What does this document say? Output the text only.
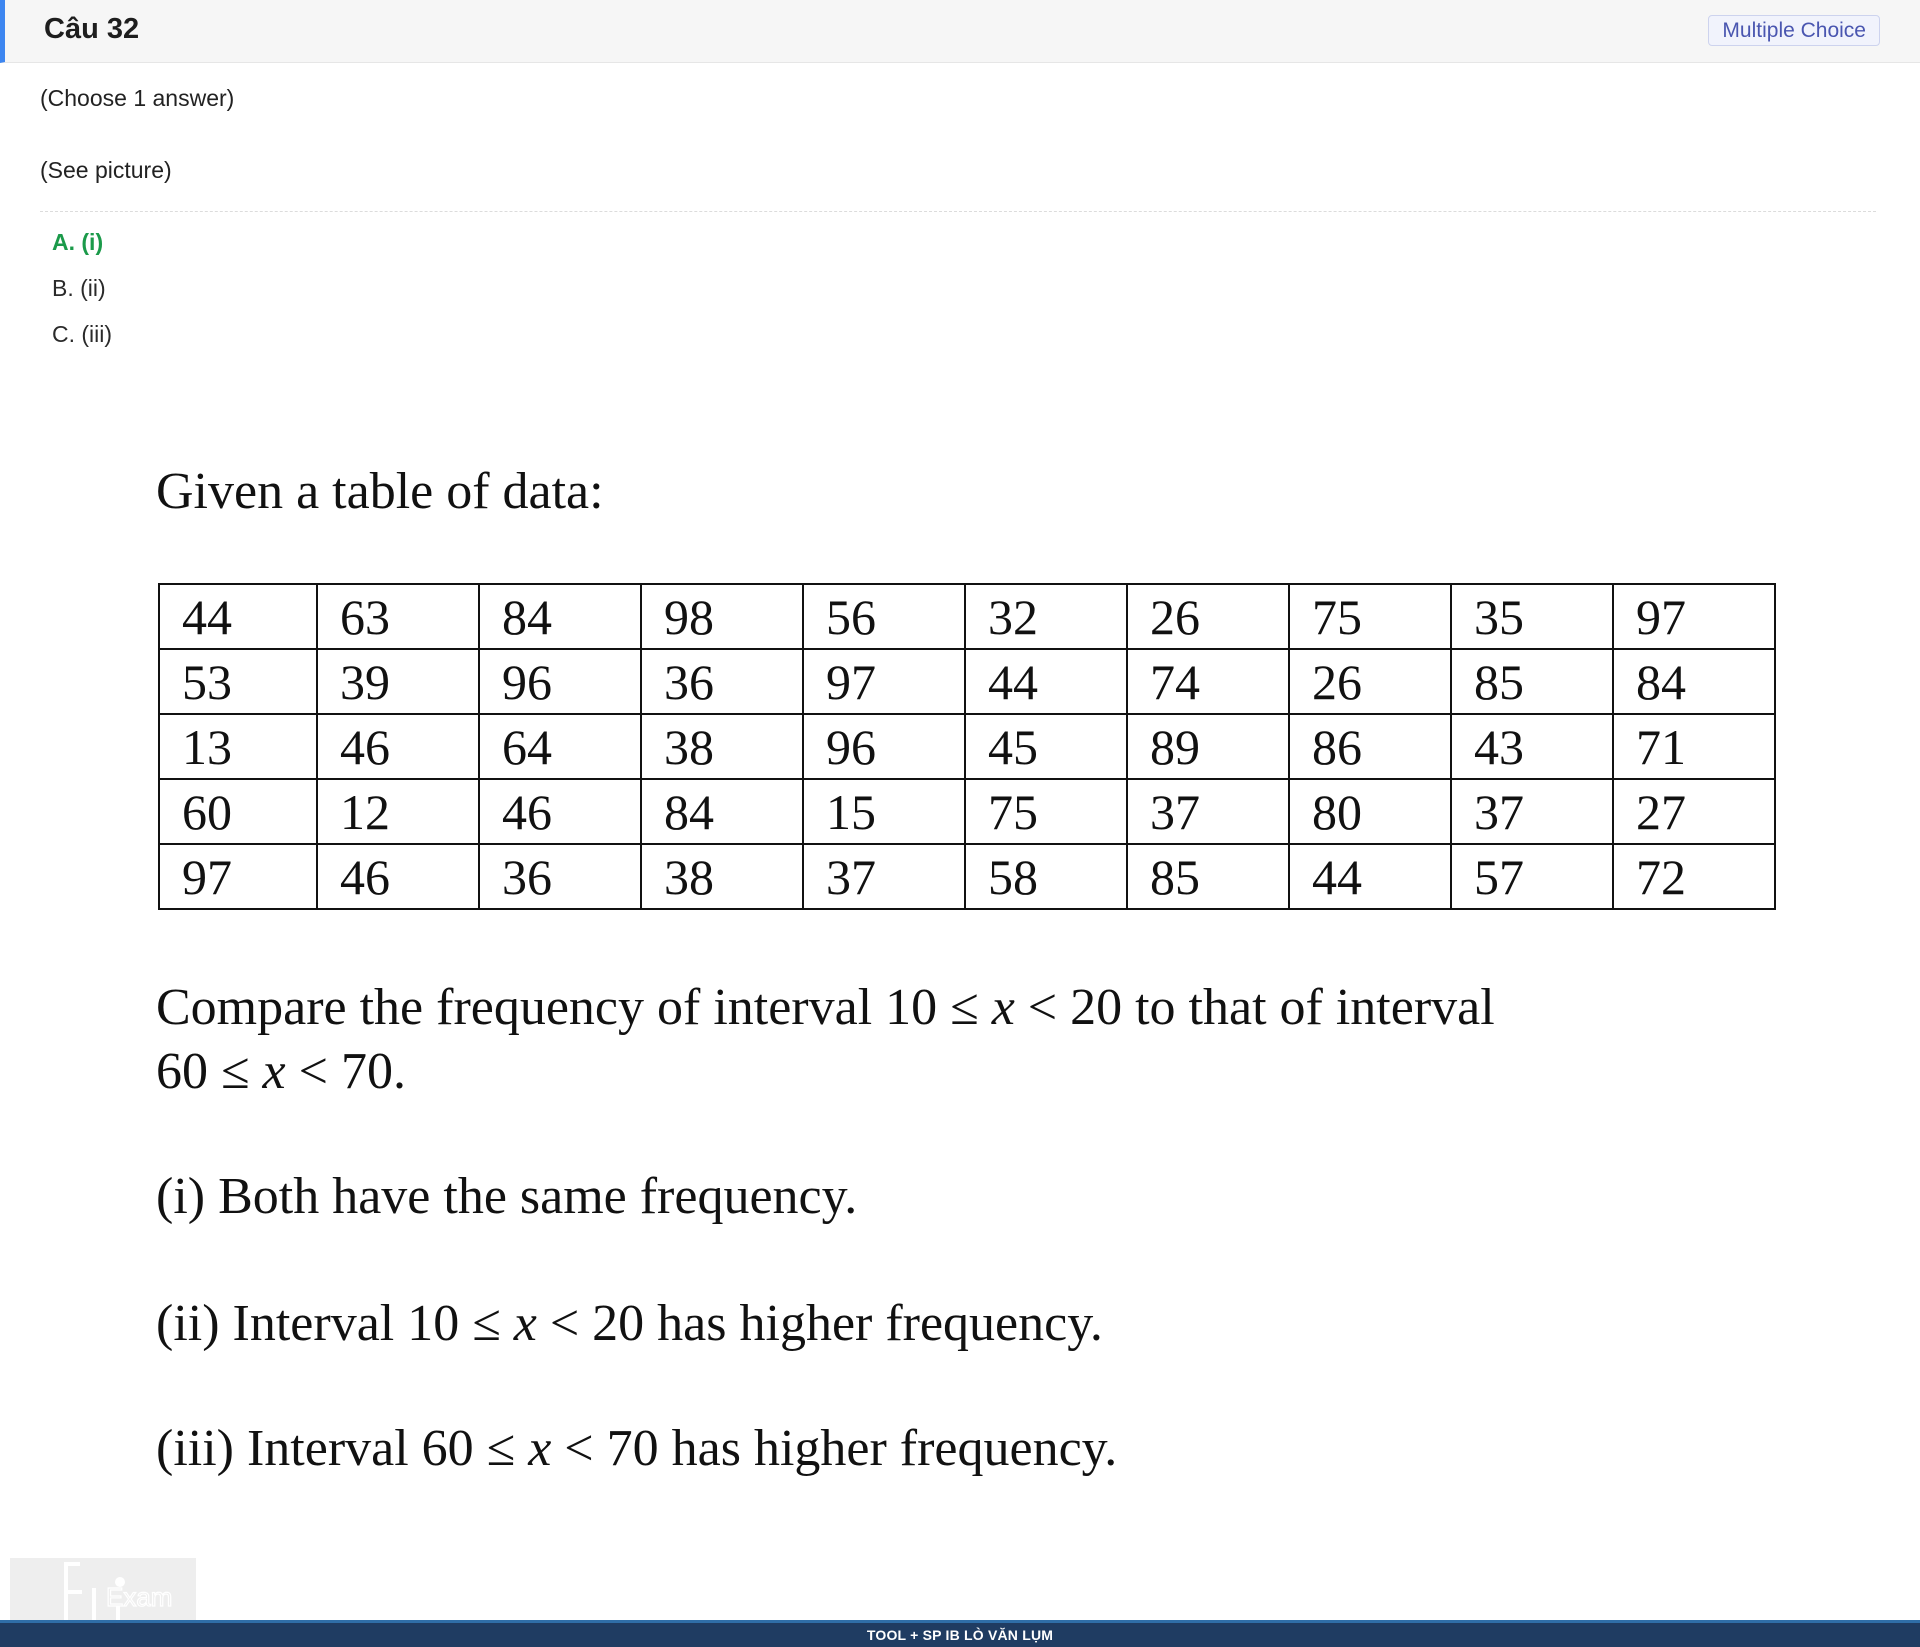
Câu 32	Multiple Choice
(Choose 1 answer)
(See picture)
A. (i)
B. (ii)
C. (iii)
Given a table of data:
44	63	84	98	56	32	26	75	35	97
53	39	96	36	97	44	74	26	85	84
13	46	64	38	96	45	89	86	43	71
60	12	46	84	15	75	37	80	37	27
97	46	36	38	37	58	85	44	57	72
Compare the frequency of interval 10 ≤ x < 20 to that of interval
60 ≤ x < 70.
(i) Both have the same frequency.
(ii) Interval 10 ≤ x < 20 has higher frequency.
(iii) Interval 60 ≤ x < 70 has higher frequency.
Exam
TOOL + SP IB LÒ VĂN LỤM
